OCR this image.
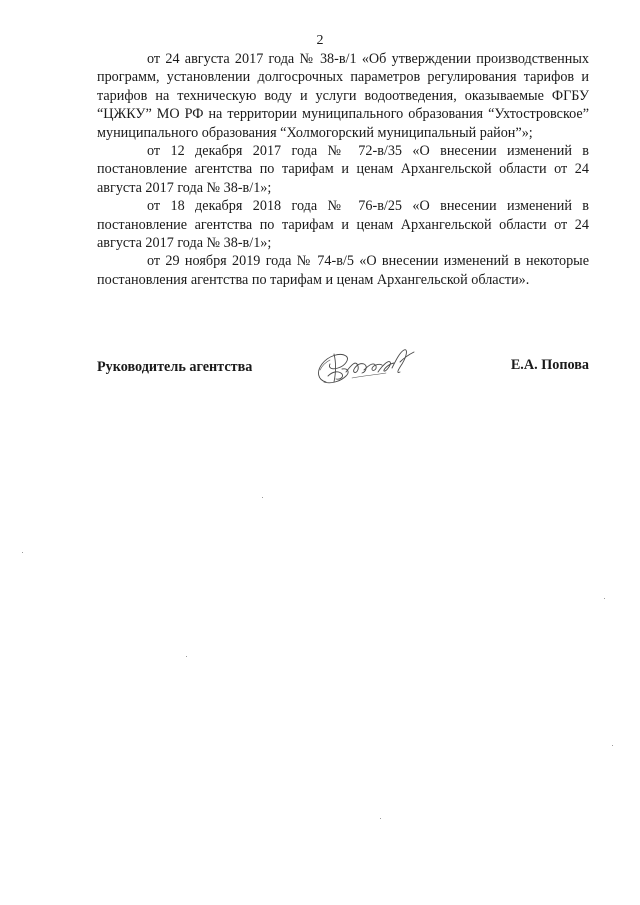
2

от 24 августа 2017 года № 38-в/1 «Об утверждении производственных программ, установлении долгосрочных параметров регулирования тарифов и тарифов на техническую воду и услуги водоотведения, оказываемые ФГБУ “ЦЖКУ” МО РФ на территории муниципального образования “Ухтостровское” муниципального образования “Холмогорский муниципальный район”»;

от 12 декабря 2017 года № 72-в/35 «О внесении изменений в постановление агентства по тарифам и ценам Архангельской области от 24 августа 2017 года № 38-в/1»;

от 18 декабря 2018 года № 76-в/25 «О внесении изменений в постановление агентства по тарифам и ценам Архангельской области от 24 августа 2017 года № 38-в/1»;

от 29 ноября 2019 года № 74-в/5 «О внесении изменений в некоторые постановления агентства по тарифам и ценам Архангельской области».

Руководитель агентства	Е.А. Попова
